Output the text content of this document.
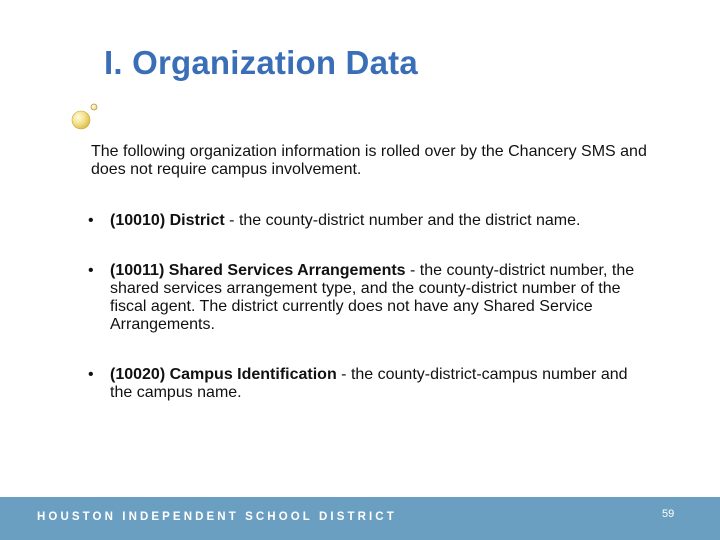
I. Organization Data
The following organization information is rolled over by the Chancery SMS and does not require campus involvement.
• (10010) District - the county-district number and the district name.
• (10011) Shared Services Arrangements - the county-district number, the shared services arrangement type, and the county-district number of the fiscal agent. The district currently does not have any Shared Service Arrangements.
• (10020) Campus Identification - the county-district-campus number and the campus name.
HOUSTON INDEPENDENT SCHOOL DISTRICT	59
